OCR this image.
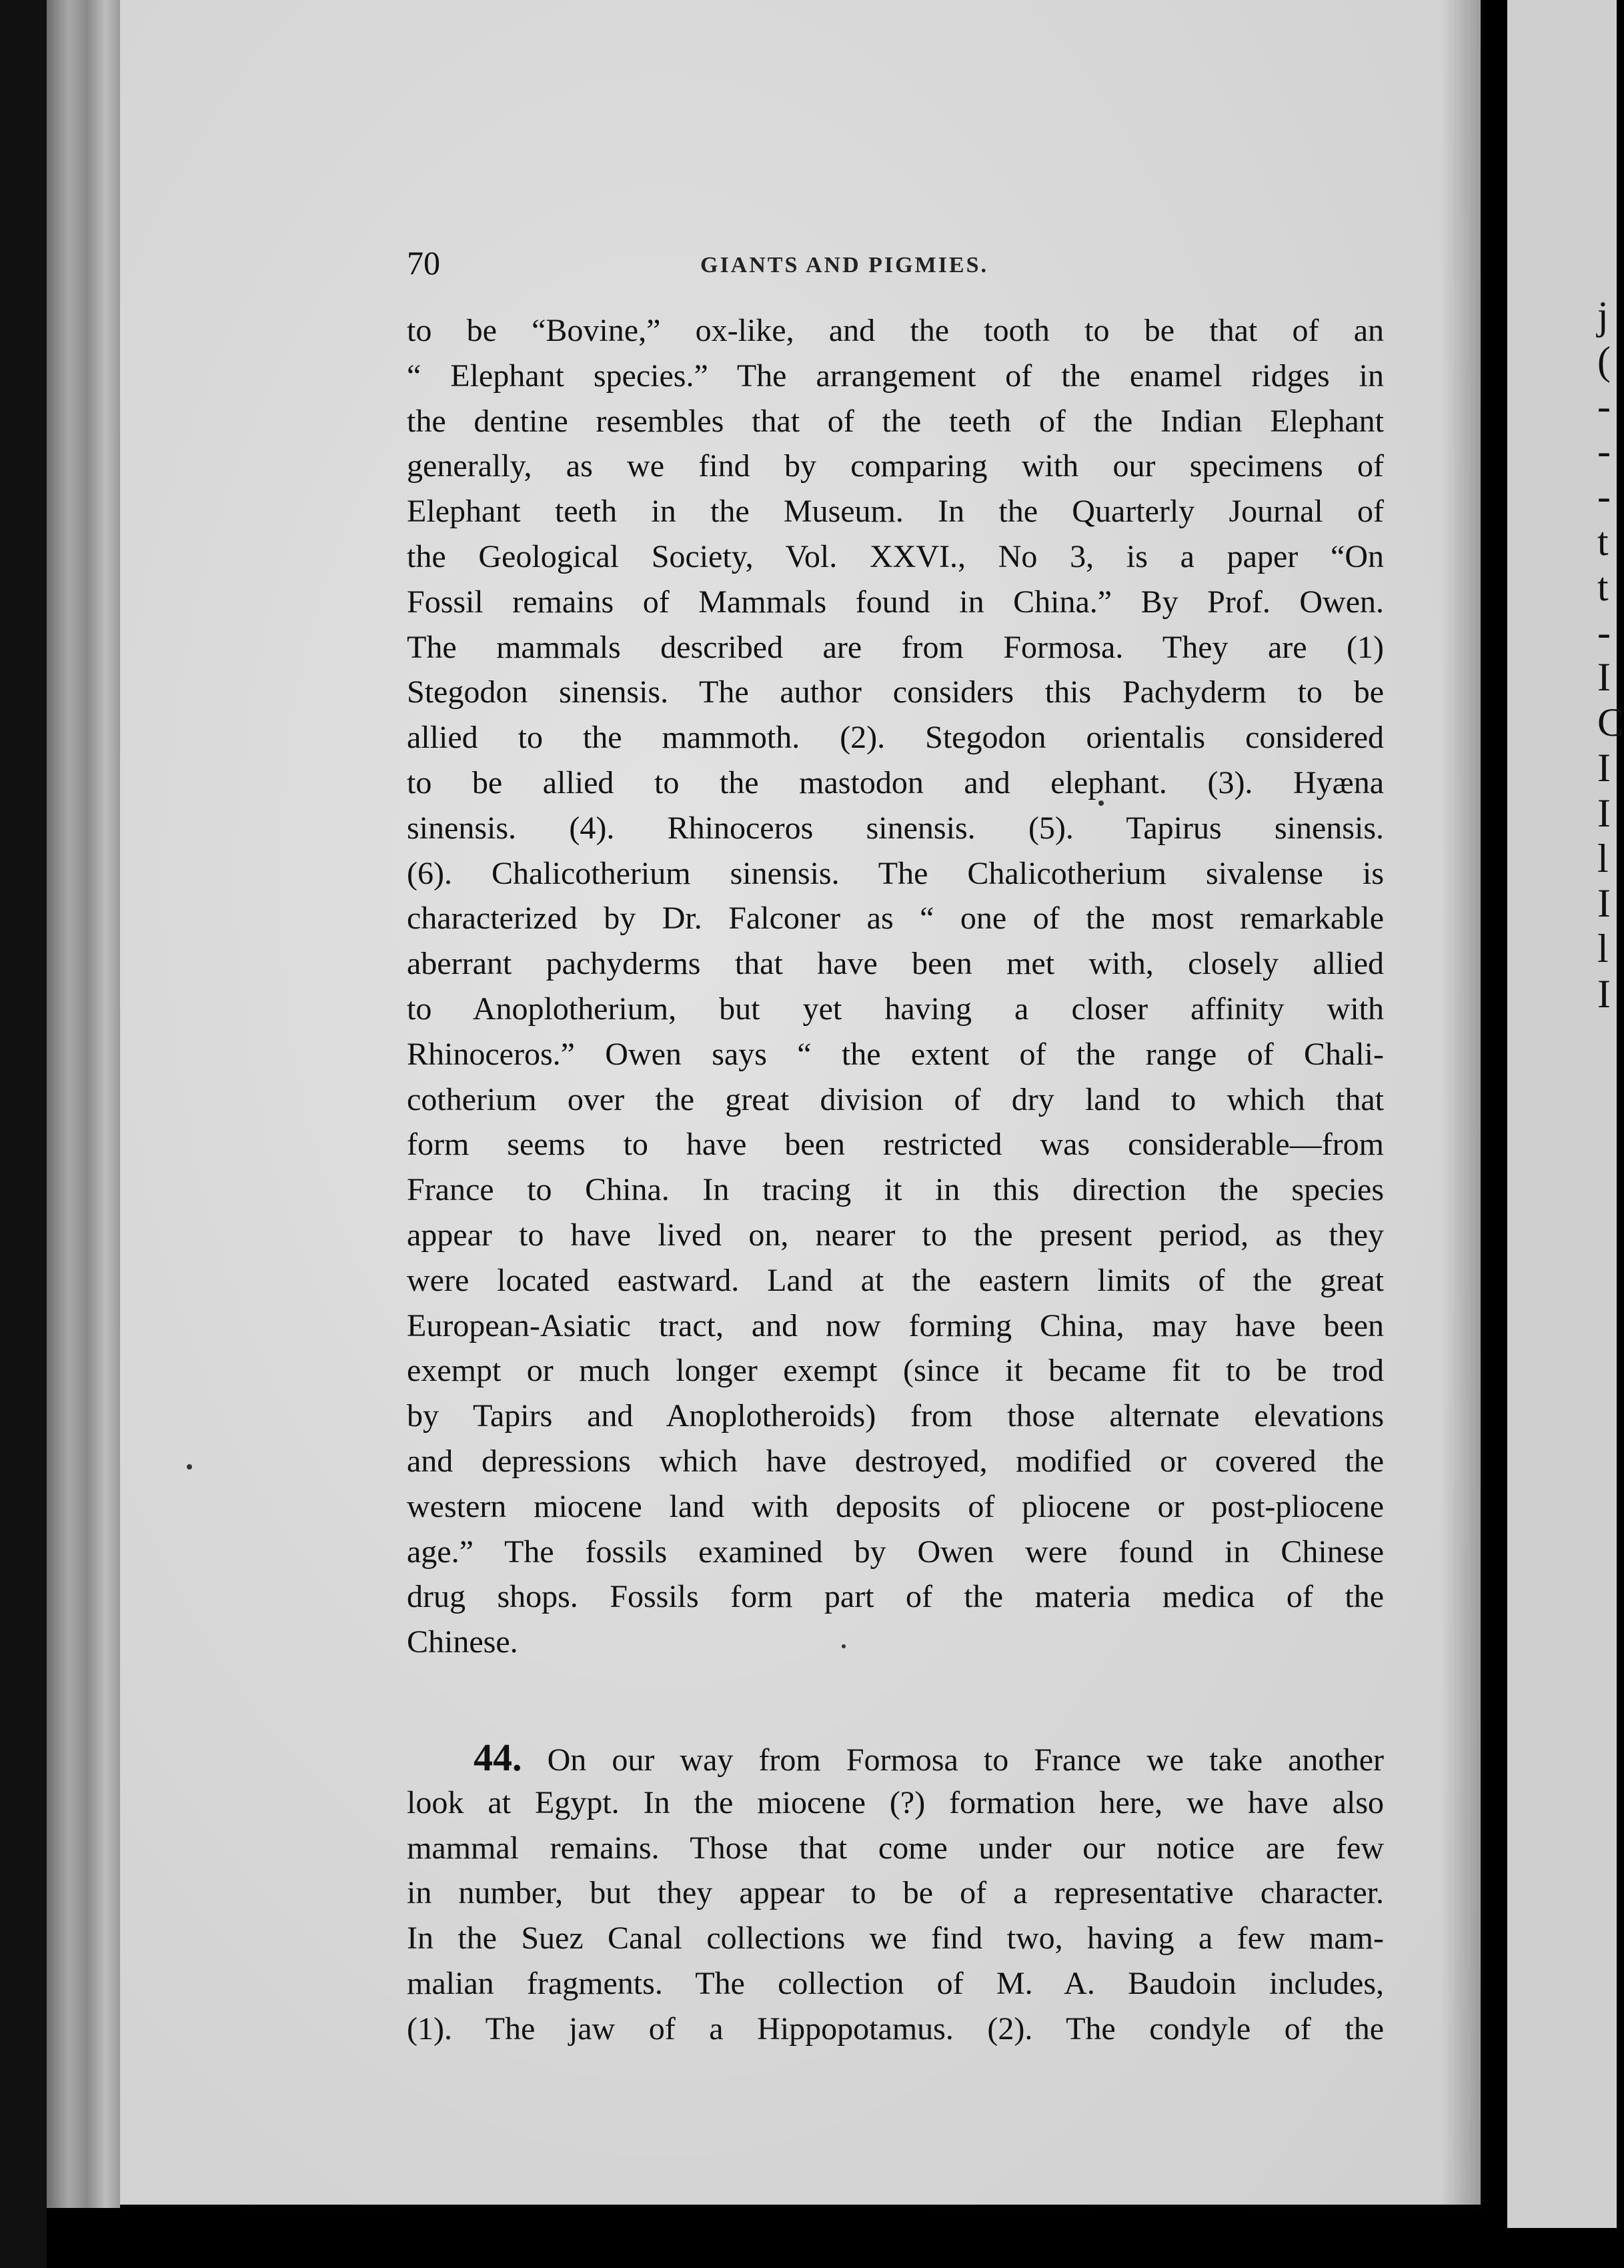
j
(
-
-
-
t
t
-
I
C
I
I
l
I
l
I
70	GIANTS AND PIGMIES.
to be “Bovine,” ox-like, and the tooth to be that of an
“ Elephant species.” The arrangement of the enamel ridges in
the dentine resembles that of the teeth of the Indian Elephant
generally, as we find by comparing with our specimens of
Elephant teeth in the Museum. In the Quarterly Journal of
the Geological Society, Vol. XXVI., No 3, is a paper “On
Fossil remains of Mammals found in China.” By Prof. Owen.
The mammals described are from Formosa. They are (1)
Stegodon sinensis. The author considers this Pachyderm to be
allied to the mammoth. (2). Stegodon orientalis considered
to be allied to the mastodon and elephant. (3). Hyæna
sinensis. (4). Rhinoceros sinensis. (5). Tapirus sinensis.
(6). Chalicotherium sinensis. The Chalicotherium sivalense is
characterized by Dr. Falconer as “ one of the most remarkable
aberrant pachyderms that have been met with, closely allied
to Anoplotherium, but yet having a closer affinity with
Rhinoceros.” Owen says “ the extent of the range of Chali-
cotherium over the great division of dry land to which that
form seems to have been restricted was considerable—from
France to China. In tracing it in this direction the species
appear to have lived on, nearer to the present period, as they
were located eastward. Land at the eastern limits of the great
European-Asiatic tract, and now forming China, may have been
exempt or much longer exempt (since it became fit to be trod
by Tapirs and Anoplotheroids) from those alternate elevations
and depressions which have destroyed, modified or covered the
western miocene land with deposits of pliocene or post-pliocene
age.” The fossils examined by Owen were found in Chinese
drug shops. Fossils form part of the materia medica of the
Chinese.
44. On our way from Formosa to France we take another
look at Egypt. In the miocene (?) formation here, we have also
mammal remains. Those that come under our notice are few
in number, but they appear to be of a representative character.
In the Suez Canal collections we find two, having a few mam-
malian fragments. The collection of M. A. Baudoin includes,
(1). The jaw of a Hippopotamus. (2). The condyle of the
